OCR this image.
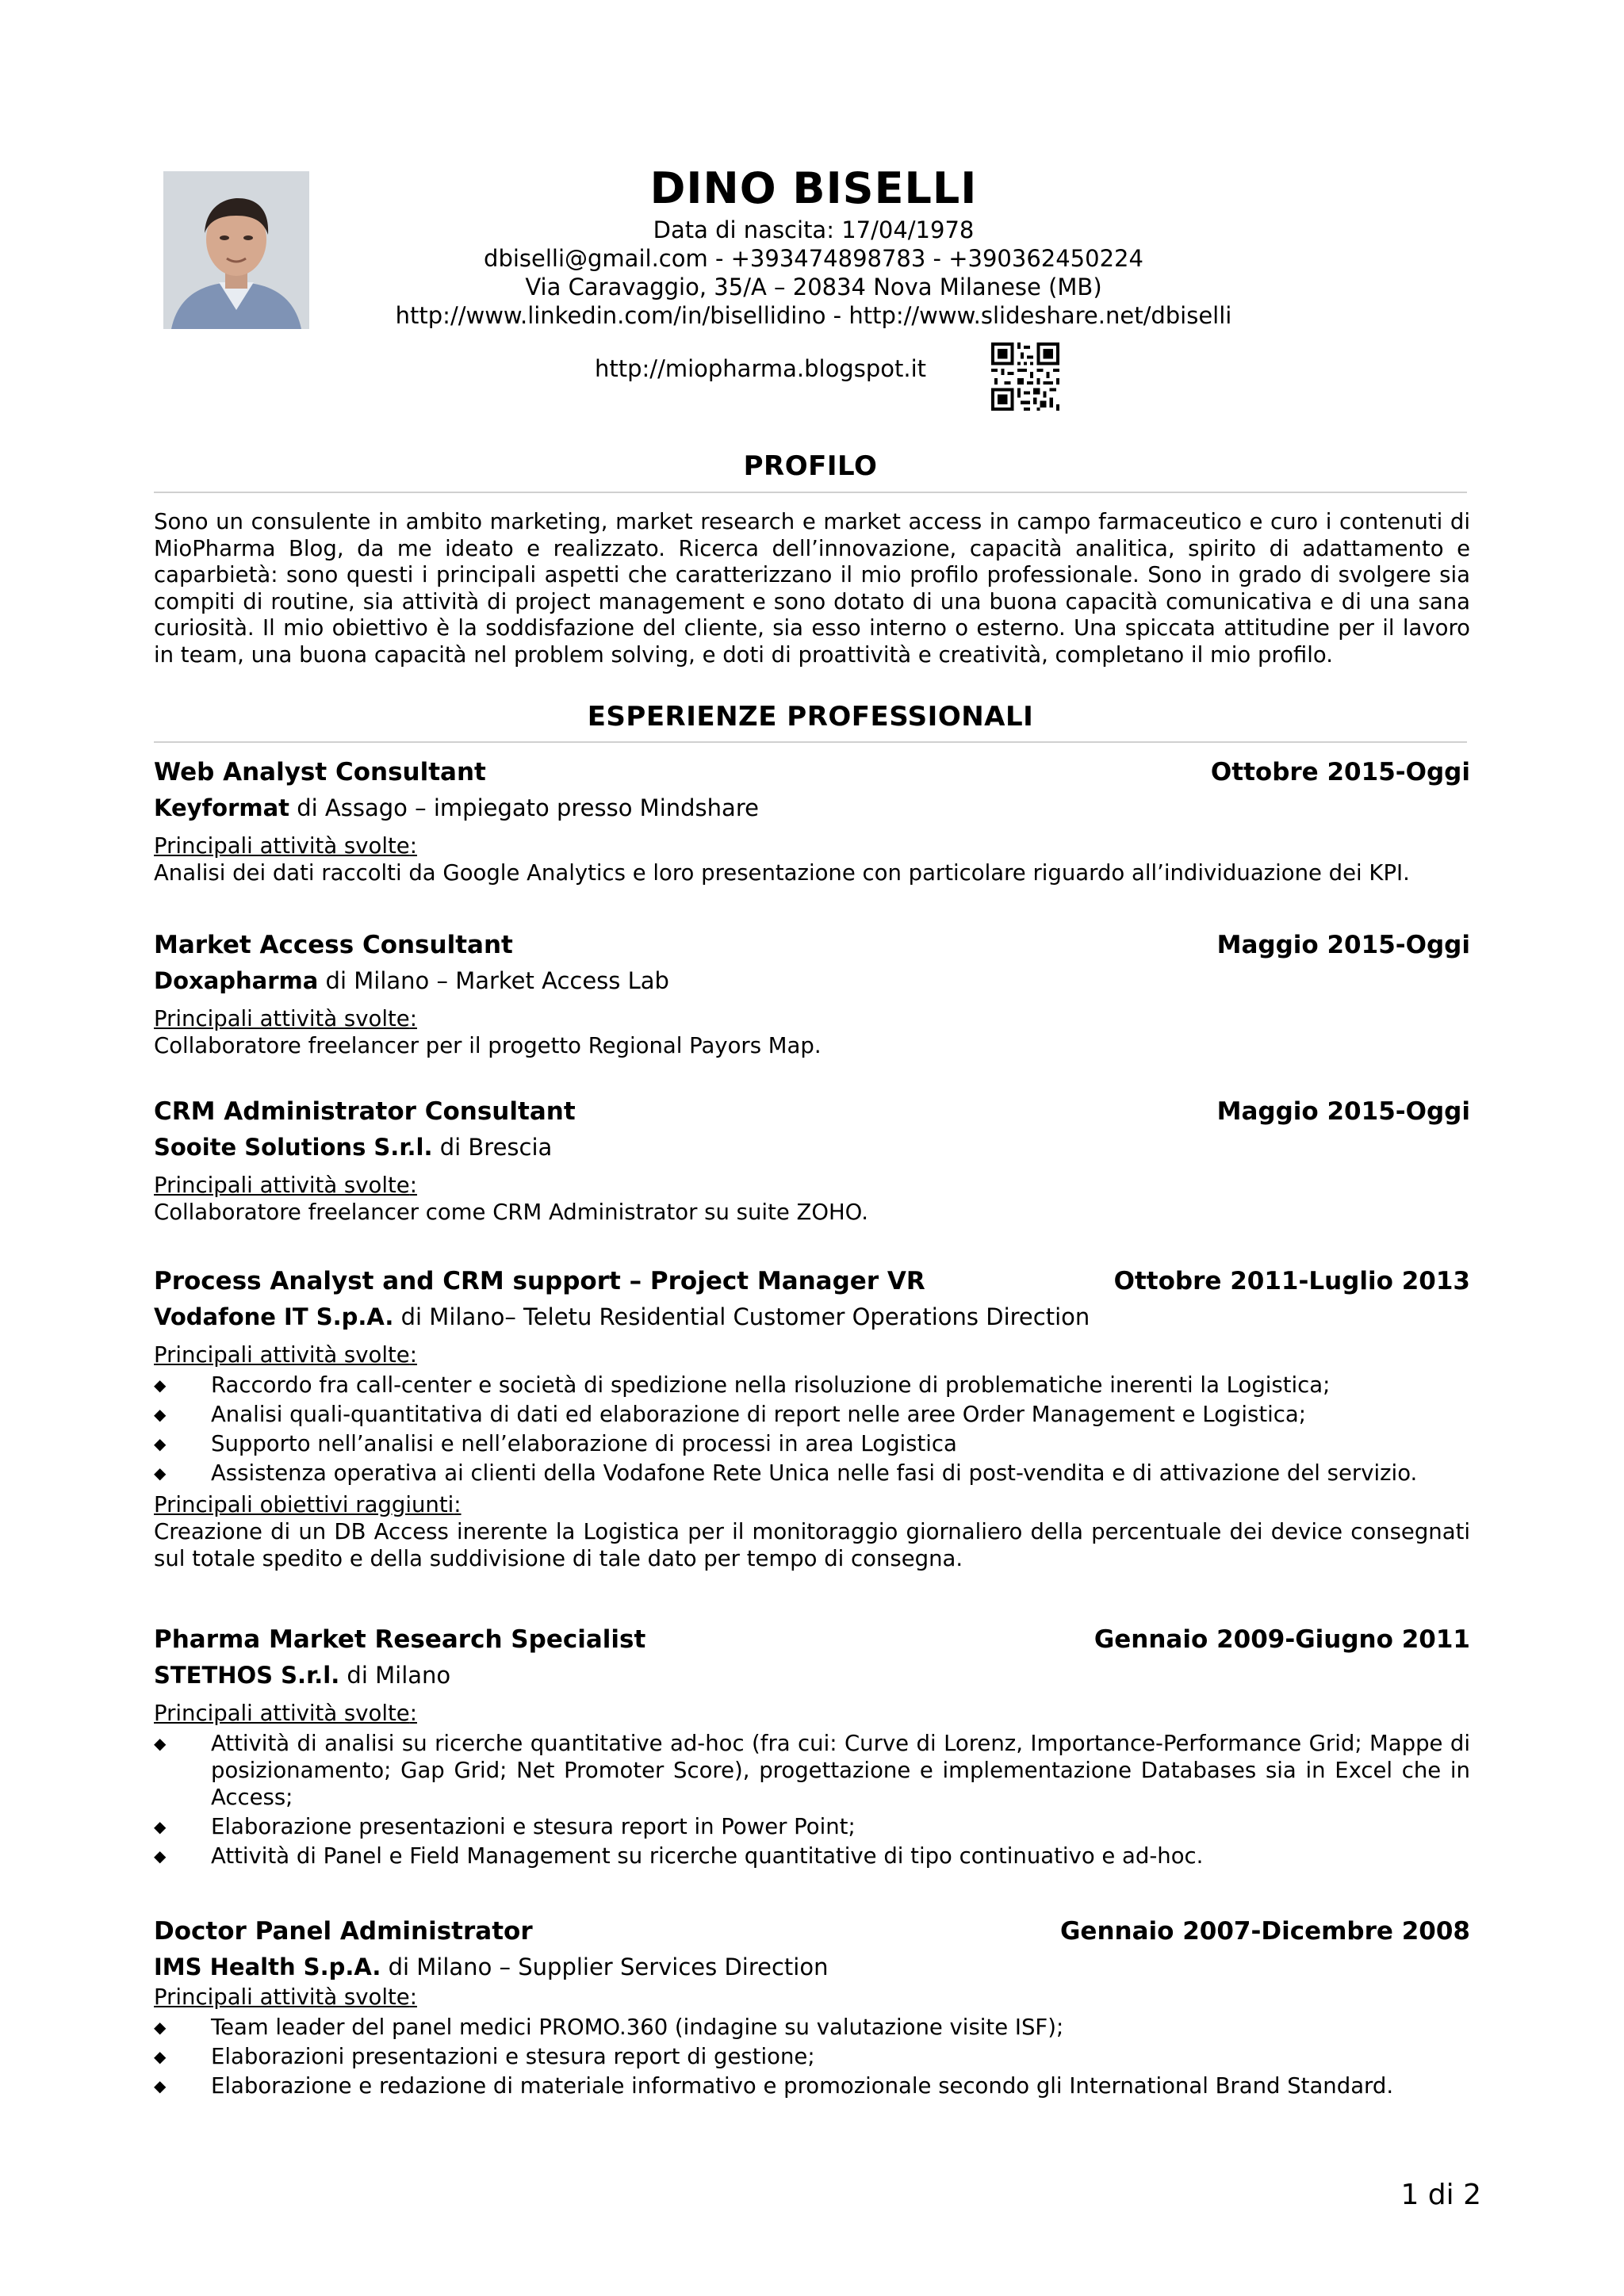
DINO BISELLI
Data di nascita: 17/04/1978
dbiselli@gmail.com - +393474898783 - +390362450224
Via Caravaggio, 35/A – 20834 Nova Milanese (MB)
http://www.linkedin.com/in/bisellidino - http://www.slideshare.net/dbiselli
http://miopharma.blogspot.it
PROFILO
Sono un consulente in ambito marketing, market research e market access in campo farmaceutico e curo i contenuti di MioPharma Blog, da me ideato e realizzato. Ricerca dell’innovazione, capacità analitica, spirito di adattamento e caparbietà: sono questi i principali aspetti che caratterizzano il mio profilo professionale. Sono in grado di svolgere sia compiti di routine, sia attività di project management e sono dotato di una buona capacità comunicativa e di una sana curiosità. Il mio obiettivo è la soddisfazione del cliente, sia esso interno o esterno. Una spiccata attitudine per il lavoro in team, una buona capacità nel problem solving, e doti di proattività e creatività, completano il mio profilo.
ESPERIENZE PROFESSIONALI
Web Analyst Consultant	Ottobre 2015-Oggi
Keyformat di Assago – impiegato presso Mindshare
Principali attività svolte:
Analisi dei dati raccolti da Google Analytics e loro presentazione con particolare riguardo all’individuazione dei KPI.
Market Access Consultant	Maggio 2015-Oggi
Doxapharma di Milano – Market Access Lab
Principali attività svolte:
Collaboratore freelancer per il progetto Regional Payors Map.
CRM Administrator Consultant	Maggio 2015-Oggi
Sooite Solutions S.r.l. di Brescia
Principali attività svolte:
Collaboratore freelancer come CRM Administrator su suite ZOHO.
Process Analyst and CRM support – Project Manager VR	Ottobre 2011-Luglio 2013
Vodafone IT S.p.A. di Milano– Teletu Residential Customer Operations Direction
Principali attività svolte:
◆ Raccordo fra call-center e società di spedizione nella risoluzione di problematiche inerenti la Logistica;
◆ Analisi quali-quantitativa di dati ed elaborazione di report nelle aree Order Management e Logistica;
◆ Supporto nell’analisi e nell’elaborazione di processi in area Logistica
◆ Assistenza operativa ai clienti della Vodafone Rete Unica nelle fasi di post-vendita e di attivazione del servizio.
Principali obiettivi raggiunti:
Creazione di un DB Access inerente la Logistica per il monitoraggio giornaliero della percentuale dei device consegnati sul totale spedito e della suddivisione di tale dato per tempo di consegna.
Pharma Market Research Specialist	Gennaio 2009-Giugno 2011
STETHOS S.r.l. di Milano
Principali attività svolte:
◆ Attività di analisi su ricerche quantitative ad-hoc (fra cui: Curve di Lorenz, Importance-Performance Grid; Mappe di posizionamento; Gap Grid; Net Promoter Score), progettazione e implementazione Databases sia in Excel che in Access;
◆ Elaborazione presentazioni e stesura report in Power Point;
◆ Attività di Panel e Field Management su ricerche quantitative di tipo continuativo e ad-hoc.
Doctor Panel Administrator	Gennaio 2007-Dicembre 2008
IMS Health S.p.A. di Milano – Supplier Services Direction
Principali attività svolte:
◆ Team leader del panel medici PROMO.360 (indagine su valutazione visite ISF);
◆ Elaborazioni presentazioni e stesura report di gestione;
◆ Elaborazione e redazione di materiale informativo e promozionale secondo gli International Brand Standard.
1 di 2
